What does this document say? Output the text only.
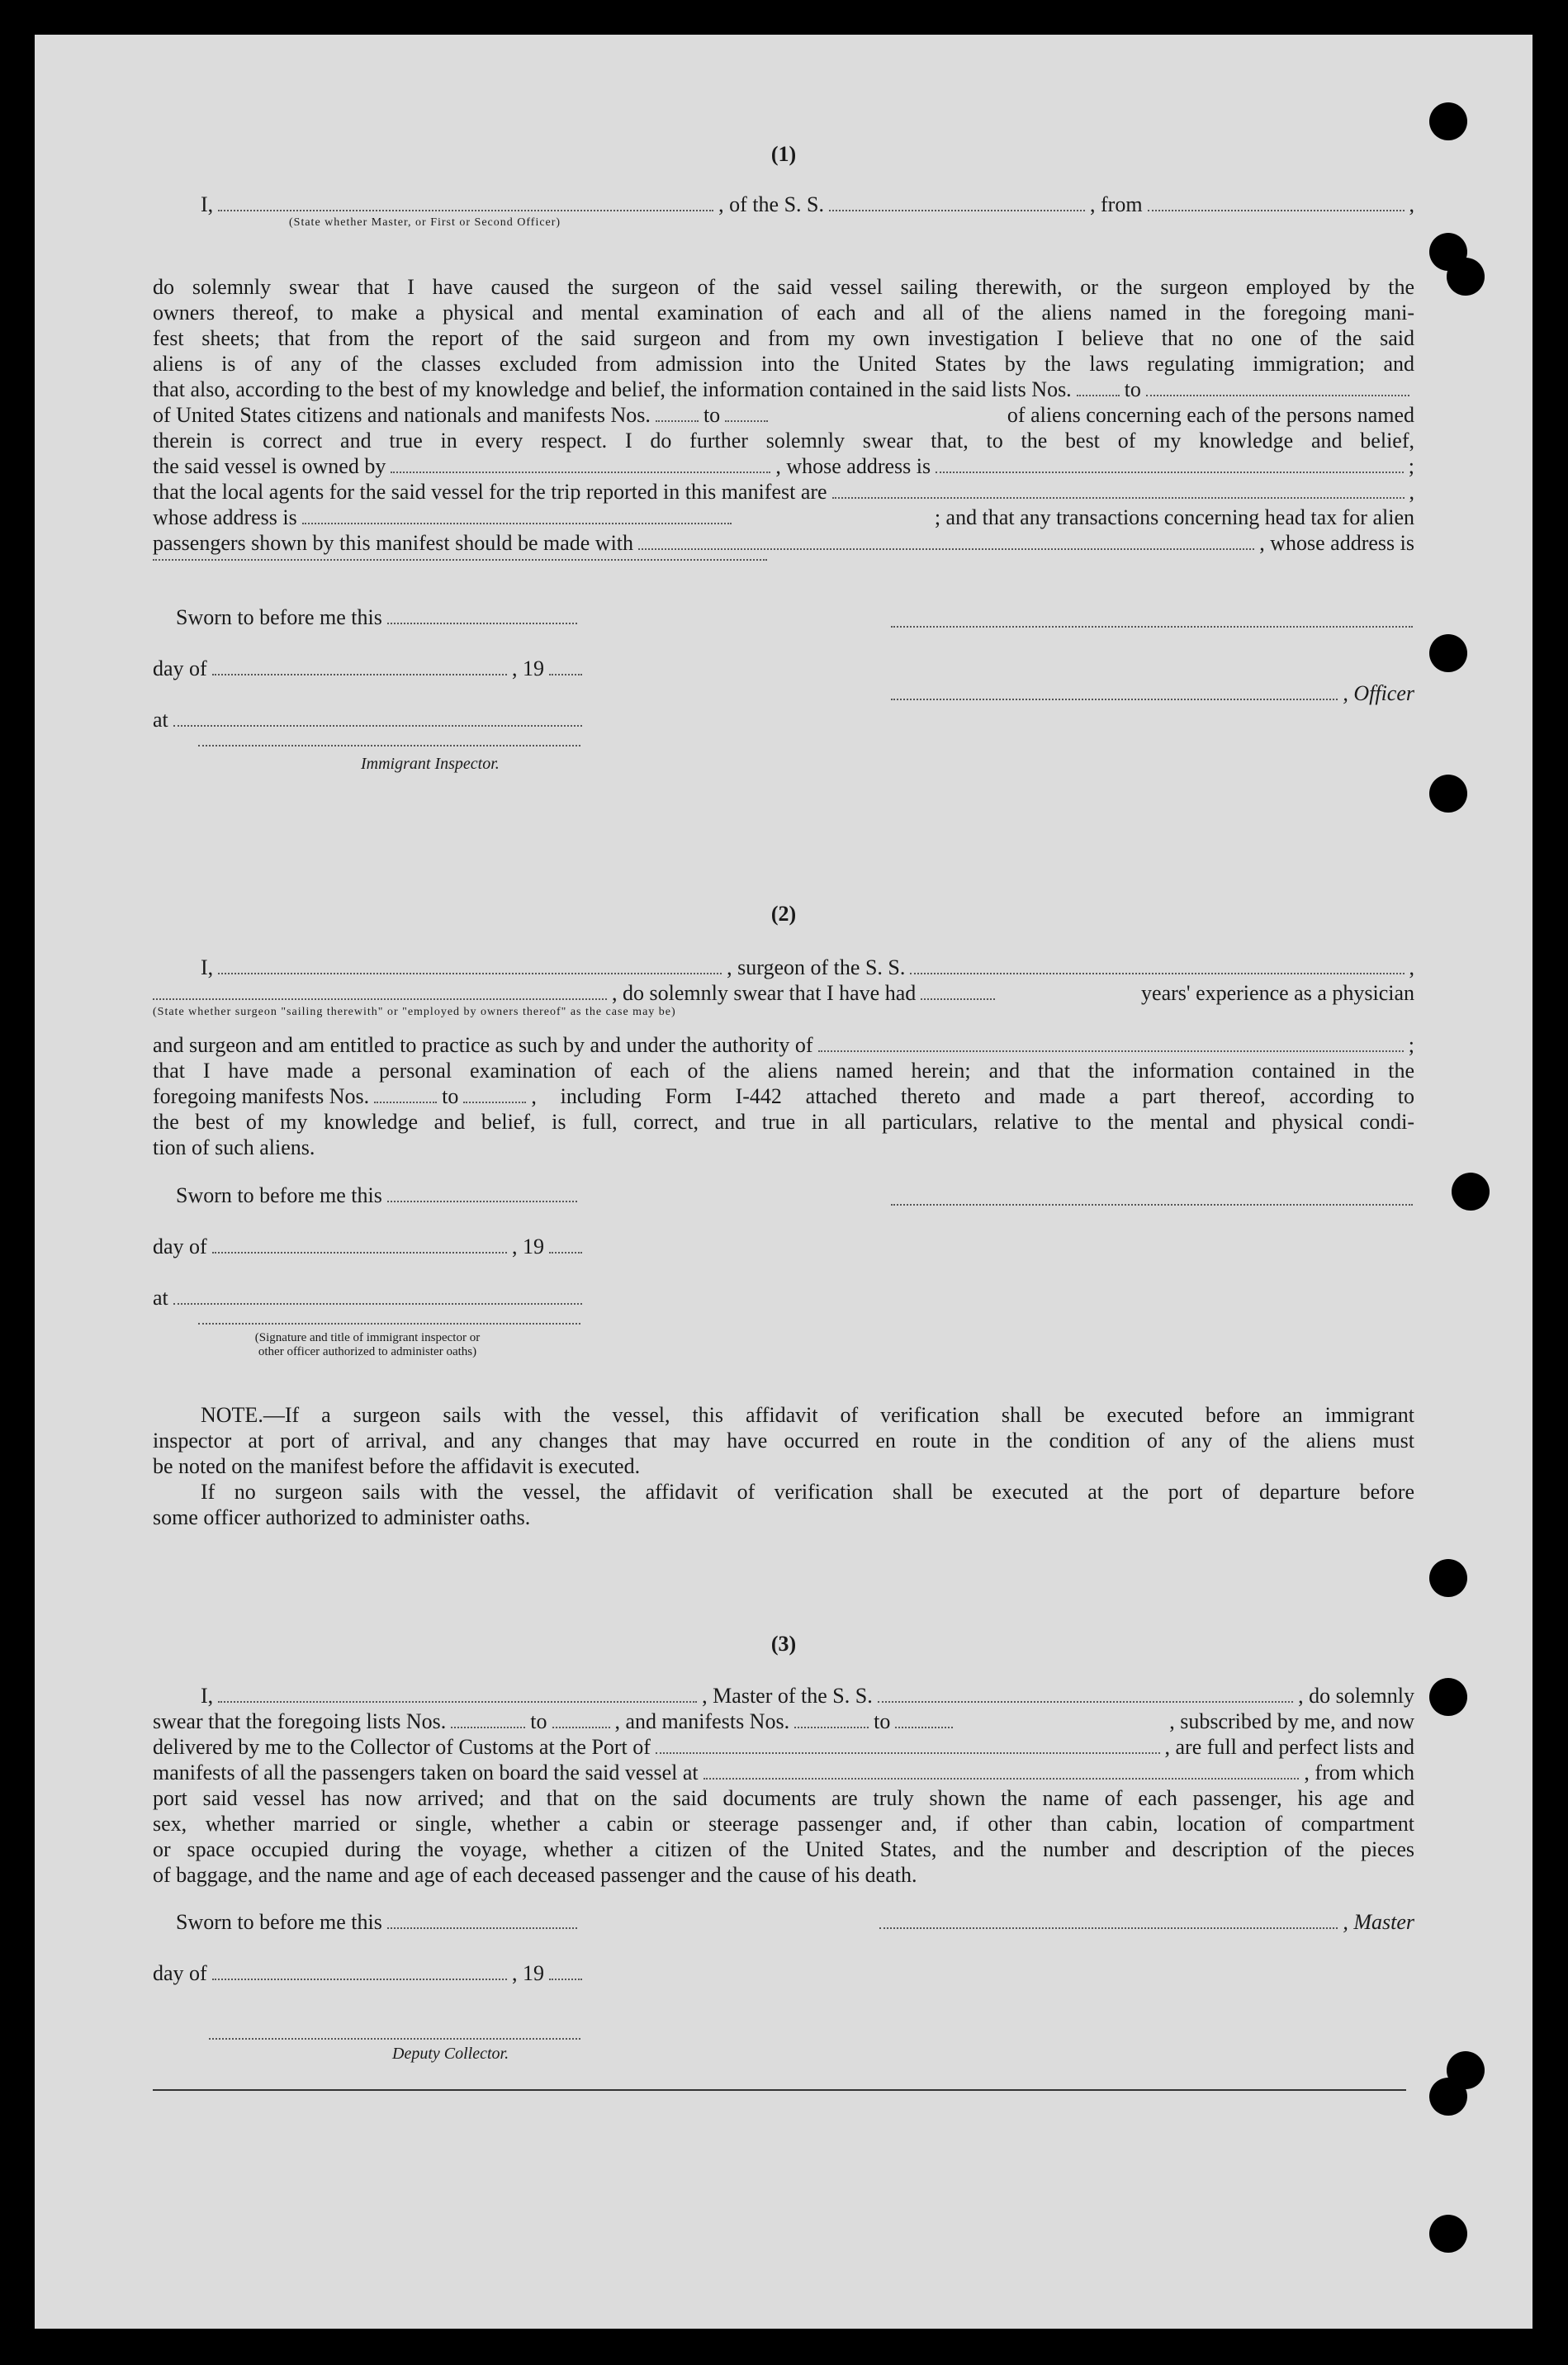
(1)
I,	, of the S. S.	, from	,
(State whether Master, or First or Second Officer)
do solemnly swear that I have caused the surgeon of the said vessel sailing therewith, or the surgeon employed by the
owners thereof, to make a physical and mental examination of each and all of the aliens named in the foregoing mani-
fest sheets; that from the report of the said surgeon and from my own investigation I believe that no one of the said
aliens is of any of the classes excluded from admission into the United States by the laws regulating immigration; and
that also, according to the best of my knowledge and belief, the information contained in the said lists Nos. to
of United States citizens and nationals and manifests Nos. to	of aliens concerning each of the persons named
therein is correct and true in every respect. I do further solemnly swear that, to the best of my knowledge and belief,
the said vessel is owned by	, whose address is	;
that the local agents for the said vessel for the trip reported in this manifest are	,
whose address is	; and that any transactions concerning head tax for alien
passengers shown by this manifest should be made with	, whose address is
Sworn to before me this
day of	, 19
, Officer
at
Immigrant Inspector.
(2)
I,	, surgeon of the S. S.	,
, do solemnly swear that I have had	years' experience as a physician
(State whether surgeon "sailing therewith" or "employed by owners thereof" as the case may be)
and surgeon and am entitled to practice as such by and under the authority of	;
that I have made a personal examination of each of the aliens named herein; and that the information contained in the
foregoing manifests Nos.	to	, including Form I-442 attached thereto and made a part thereof, according to
the best of my knowledge and belief, is full, correct, and true in all particulars, relative to the mental and physical condi-
tion of such aliens.
Sworn to before me this
day of	, 19
at
(Signature and title of immigrant inspector or
other officer authorized to administer oaths)
NOTE.—If a surgeon sails with the vessel, this affidavit of verification shall be executed before an immigrant
inspector at port of arrival, and any changes that may have occurred en route in the condition of any of the aliens must
be noted on the manifest before the affidavit is executed.
If no surgeon sails with the vessel, the affidavit of verification shall be executed at the port of departure before
some officer authorized to administer oaths.
(3)
I,	, Master of the S. S.	, do solemnly
swear that the foregoing lists Nos.	to	, and manifests Nos.	to	, subscribed by me, and now
delivered by me to the Collector of Customs at the Port of	, are full and perfect lists and
manifests of all the passengers taken on board the said vessel at	, from which
port said vessel has now arrived; and that on the said documents are truly shown the name of each passenger, his age and
sex, whether married or single, whether a cabin or steerage passenger and, if other than cabin, location of compartment
or space occupied during the voyage, whether a citizen of the United States, and the number and description of the pieces
of baggage, and the name and age of each deceased passenger and the cause of his death.
Sworn to before me this	, Master
day of	, 19
Deputy Collector.
